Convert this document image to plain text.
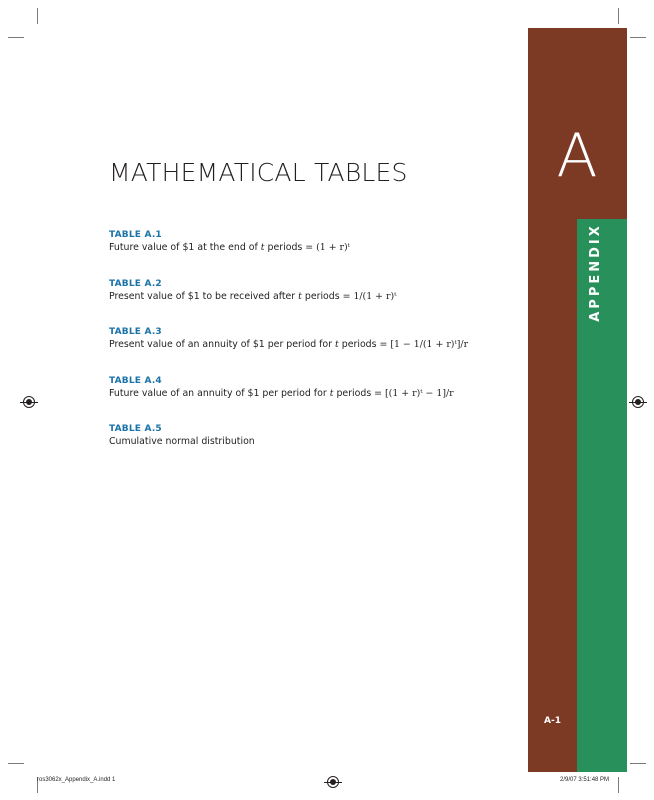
A
APPENDIX
A-1
MATHEMATICAL TABLES
TABLE A.1
Future value of $1 at the end of t periods = (1 + r)ᵗ
TABLE A.2
Present value of $1 to be received after t periods = 1/(1 + r)ᵗ
TABLE A.3
Present value of an annuity of $1 per period for t periods = [1 − 1/(1 + r)ᵗ]/r
TABLE A.4
Future value of an annuity of $1 per period for t periods = [(1 + r)ᵗ − 1]/r
TABLE A.5
Cumulative normal distribution
ros3062x_Appendix_A.indd 1	2/9/07 3:51:48 PM
